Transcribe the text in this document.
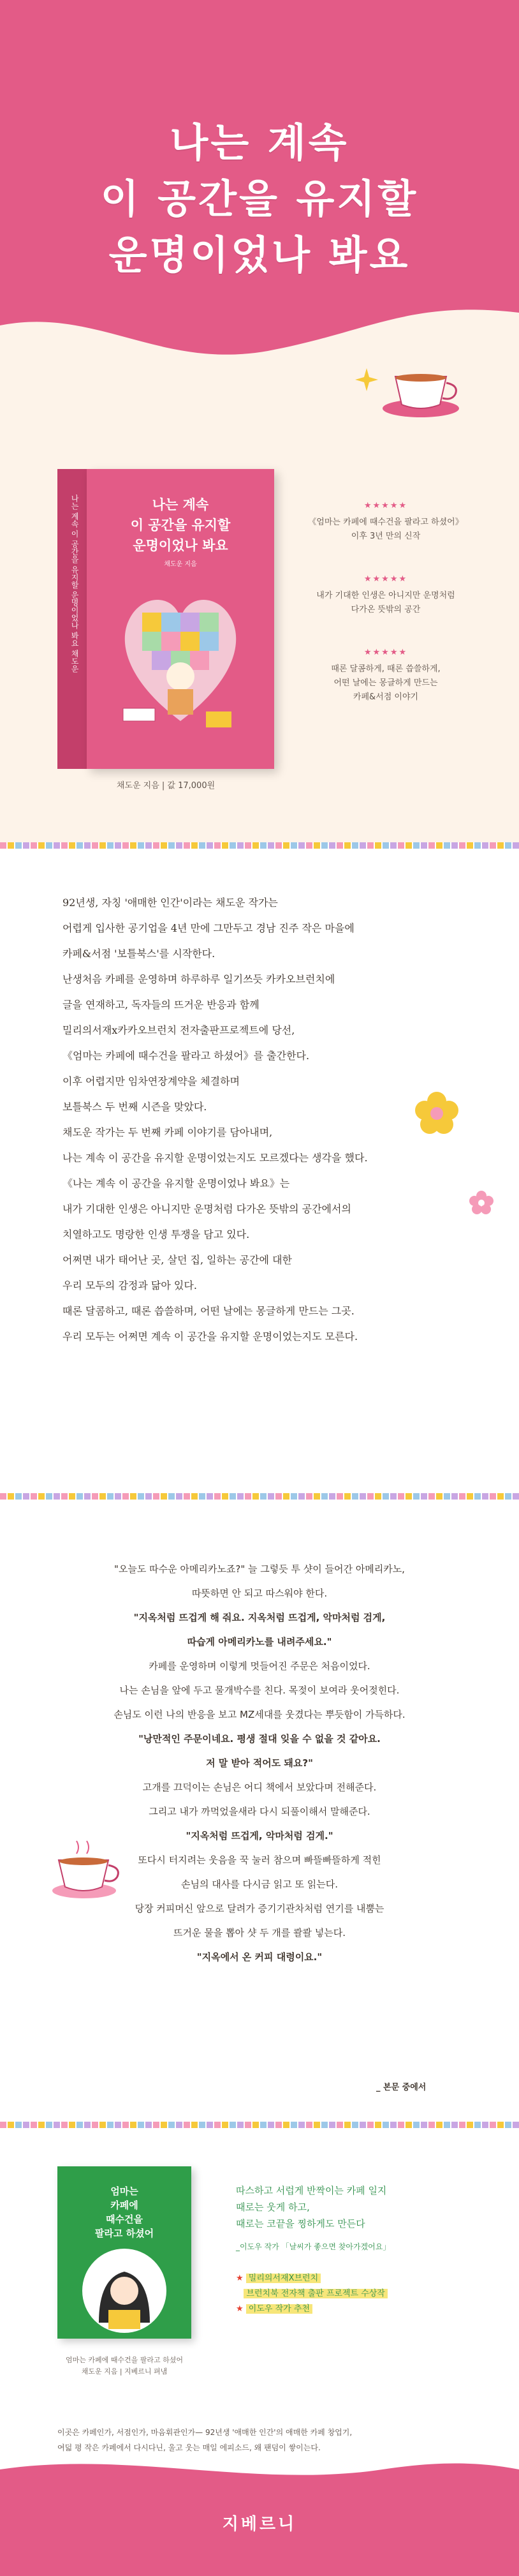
나는 계속
이 공간을 유지할
운명이었나 봐요
나는 계속 이 공간을 유지할 운명이었나 봐요 채도운	나는 계속
이 공간을 유지할
운명이었나 봐요
채도운 지음
채도운 지음 | 값 17,000원
★★★★★
《엄마는 카페에 때수건을 팔라고 하셨어》
이후 3년 만의 신작
★★★★★
내가 기대한 인생은 아니지만 운명처럼
다가온 뜻밖의 공간
★★★★★
때론 달콤하게, 때론 씁쓸하게,
어떤 날에는 몽글하게 만드는
카페&서점 이야기
92년생, 자칭 '애매한 인간'이라는 채도운 작가는
어렵게 입사한 공기업을 4년 만에 그만두고 경남 진주 작은 마을에
카페&서점 '보틀북스'를 시작한다.
난생처음 카페를 운영하며 하루하루 일기쓰듯 카카오브런치에
글을 연재하고, 독자들의 뜨거운 반응과 함께
밀리의서재x카카오브런치 전자출판프로젝트에 당선,
《엄마는 카페에 때수건을 팔라고 하셨어》를 출간한다.
이후 어렵지만 임차연장계약을 체결하며
보틀북스 두 번째 시즌을 맞았다.
채도운 작가는 두 번째 카페 이야기를 담아내며,
나는 계속 이 공간을 유지할 운명이었는지도 모르겠다는 생각을 했다.
《나는 계속 이 공간을 유지할 운명이었나 봐요》는
내가 기대한 인생은 아니지만 운명처럼 다가온 뜻밖의 공간에서의
치열하고도 명랑한 인생 투쟁을 담고 있다.
어쩌면 내가 태어난 곳, 살던 집, 일하는 공간에 대한
우리 모두의 감정과 닮아 있다.
때론 달콤하고, 때론 씁쓸하며, 어떤 날에는 몽글하게 만드는 그곳.
우리 모두는 어쩌면 계속 이 공간을 유지할 운명이었는지도 모른다.
"오늘도 따수운 아메리카노죠?" 늘 그렇듯 투 샷이 들어간 아메리카노,
따뜻하면 안 되고 따스워야 한다.
"지옥처럼 뜨겁게 해 줘요. 지옥처럼 뜨겁게, 악마처럼 검게,
따습게 아메리카노를 내려주세요."
카페를 운영하며 이렇게 멋들어진 주문은 처음이었다.
나는 손님을 앞에 두고 물개박수를 친다. 목젖이 보여라 웃어젖힌다.
손님도 이런 나의 반응을 보고 MZ세대를 웃겼다는 뿌듯함이 가득하다.
"낭만적인 주문이네요. 평생 절대 잊을 수 없을 것 같아요.
저 말 받아 적어도 돼요?"
고개를 끄덕이는 손님은 어디 책에서 보았다며 전해준다.
그리고 내가 까먹었을새라 다시 되풀이해서 말해준다.
"지옥처럼 뜨겁게, 악마처럼 검게."
또다시 터지려는 웃음을 꾹 눌러 참으며 빠뜰빠뜰하게 적힌
손님의 대사를 다시금 읽고 또 읽는다.
당장 커피머신 앞으로 달려가 증기기관차처럼 연기를 내뿜는
뜨거운 물을 뽑아 샷 두 개를 콸콸 넣는다.
"지옥에서 온 커피 대령이요."
_ 본문 중에서
엄마는
카페에
때수건을
팔라고 하셨어
엄마는 카페에 때수건을 팔라고 하셨어
채도운 지음 | 지베르니 펴냄
따스하고 서럽게 반짝이는 카페 일지
때로는 웃게 하고,
때로는 코끝을 찡하게도 만든다
_이도우 작가 「날씨가 좋으면 찾아가겠어요」
★ 밀리의서재X브런치
브런치북 전자책 출판 프로젝트 수상작
★ 이도우 작가 추천
이곳은 카페인가, 서점인가, 마음휘관인가— 92년생 '애매한 인간'의 애매한 카페 창업기,
여덟 평 작은 카페에서 다시다닌, 울고 웃는 매일 에피소드, 왜 팬덤이 쌓이는다.
지베르니
